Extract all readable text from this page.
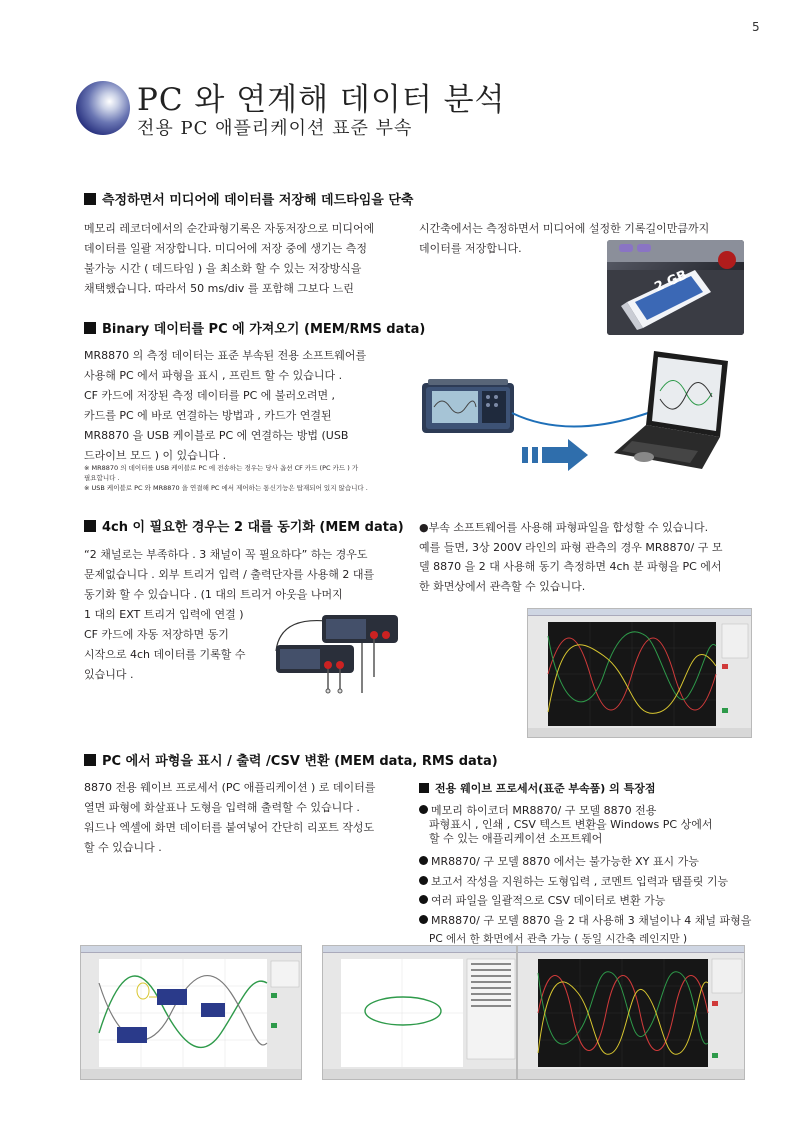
5
PC 와 연계해 데이터 분석
전용 PC 애플리케이션 표준 부속
측정하면서 미디어에 데이터를 저장해 데드타임을 단축
메모리 레코더에서의 순간파형기록은 자동저장으로 미디어에
데이터를 일괄 저장합니다. 미디어에 저장 중에 생기는 측정
불가능 시간 ( 데드타임 ) 을 최소화 할 수 있는 저장방식을
채택했습니다. 따라서 50 ms/div 를 포함해 그보다 느린
시간축에서는 측정하면서 미디어에 설정한 기록길이만큼까지
데이터를 저장합니다.
2 GB
Binary 데이터를 PC 에 가져오기 (MEM/RMS data)
MR8870 의 측정 데이터는 표준 부속된 전용 소프트웨어를
사용해 PC 에서 파형을 표시 , 프린트 할 수 있습니다 .
CF 카드에 저장된 측정 데이터를 PC 에 불러오려면 ,
카드를 PC 에 바로 연결하는 방법과 , 카드가 연결된
MR8870 을 USB 케이블로 PC 에 연결하는 방법 (USB
드라이브 모드 ) 이 있습니다 .
※ MR8870 의 데이터를 USB 케이블로 PC 에 전송하는 경우는 당사 옵션 CF 카드 (PC 카드 ) 가
필요합니다 .
※ USB 케이블로 PC 와 MR8870 을 연결해 PC 에서 제어하는 통신기능은 탑재되어 있지 않습니다 .
4ch 이 필요한 경우는 2 대를 동기화 (MEM data)
“2 채널로는 부족하다 . 3 채널이 꼭 필요하다” 하는 경우도
문제없습니다 . 외부 트리거 입력 / 출력단자를 사용해 2 대를
동기화 할 수 있습니다 . (1 대의 트리거 아웃을 나머지
1 대의 EXT 트리거 입력에 연결 )
CF 카드에 자동 저장하면 동기
시작으로 4ch 데이터를 기록할 수
있습니다 .
●부속 소프트웨어를 사용해 파형파일을 합성할 수 있습니다.
예를 들면, 3상 200V 라인의 파형 관측의 경우 MR8870/ 구 모
델 8870 을 2 대 사용해 동기 측정하면 4ch 분 파형을 PC 에서
한 화면상에서 관측할 수 있습니다.
PC 에서 파형을 표시 / 출력 /CSV 변환 (MEM data, RMS data)
8870 전용 웨이브 프로세서 (PC 애플리케이션 ) 로 데이터를
열면 파형에 화살표나 도형을 입력해 출력할 수 있습니다 .
워드나 엑셀에 화면 데이터를 붙여넣어 간단히 리포트 작성도
할 수 있습니다 .
전용 웨이브 프로세서(표준 부속품) 의 특장점
메모리 하이코더 MR8870/ 구 모델 8870 전용
파형표시 , 인쇄 , CSV 텍스트 변환을 Windows PC 상에서
할 수 있는 애플리케이션 소프트웨어
MR8870/ 구 모델 8870 에서는 불가능한 XY 표시 가능
보고서 작성을 지원하는 도형입력 , 코멘트 입력과 탬플릿 기능
여러 파일을 일괄적으로 CSV 데이터로 변환 가능
MR8870/ 구 모델 8870 을 2 대 사용해 3 채널이나 4 채널 파형을
PC 에서 한 화면에서 관측 가능 ( 동일 시간축 레인지만 )
